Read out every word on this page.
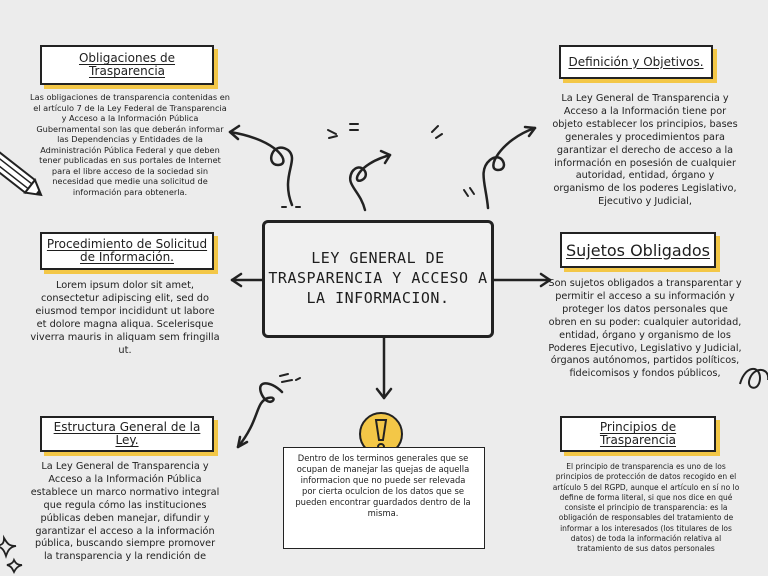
Obligaciones de Trasparencia
Las obligaciones de transparencia contenidas en el artículo 7 de la Ley Federal de Transparencia y Acceso a la Información Pública Gubernamental son las que deberán informar las Dependencias y Entidades de la Administración Pública Federal y que deben tener publicadas en sus portales de Internet para el libre acceso de la sociedad sin necesidad que medie una solicitud de información para obtenerla.
Definición y Objetivos.
La Ley General de Transparencia y Acceso a la Información tiene por objeto establecer los principios, bases generales y procedimientos para garantizar el derecho de acceso a la información en posesión de cualquier autoridad, entidad, órgano y organismo de los poderes Legislativo, Ejecutivo y Judicial,
Procedimiento de Solicitud de Información.
Lorem ipsum dolor sit amet, consectetur adipiscing elit, sed do eiusmod tempor incididunt ut labore et dolore magna aliqua. Scelerisque viverra mauris in aliquam sem fringilla ut.
Sujetos Obligados
Son sujetos obligados a transparentar y permitir el acceso a su información y proteger los datos personales que obren en su poder: cualquier autoridad, entidad, órgano y organismo de los Poderes Ejecutivo, Legislativo y Judicial, órganos autónomos, partidos políticos, fideicomisos y fondos públicos,
Estructura General de la Ley.
La Ley General de Transparencia y Acceso a la Información Pública establece un marco normativo integral que regula cómo las instituciones públicas deben manejar, difundir y garantizar el acceso a la información pública, buscando siempre promover la transparencia y la rendición de
Principios de Trasparencia
El principio de transparencia es uno de los principios de protección de datos recogido en el artículo 5 del RGPD, aunque el artículo en sí no lo define de forma literal, si que nos dice en qué consiste el principio de transparencia: es la obligación de responsables del tratamiento de informar a los interesados (los titulares de los datos) de toda la información relativa al tratamiento de sus datos personales
LEY GENERAL DE TRASPARENCIA Y ACCESO A LA INFORMACION.
Dentro de los terminos generales que se ocupan de manejar las quejas de aquella informacion que no puede ser relevada por cierta oculcion de los datos que se pueden encontrar guardados dentro de la misma.
